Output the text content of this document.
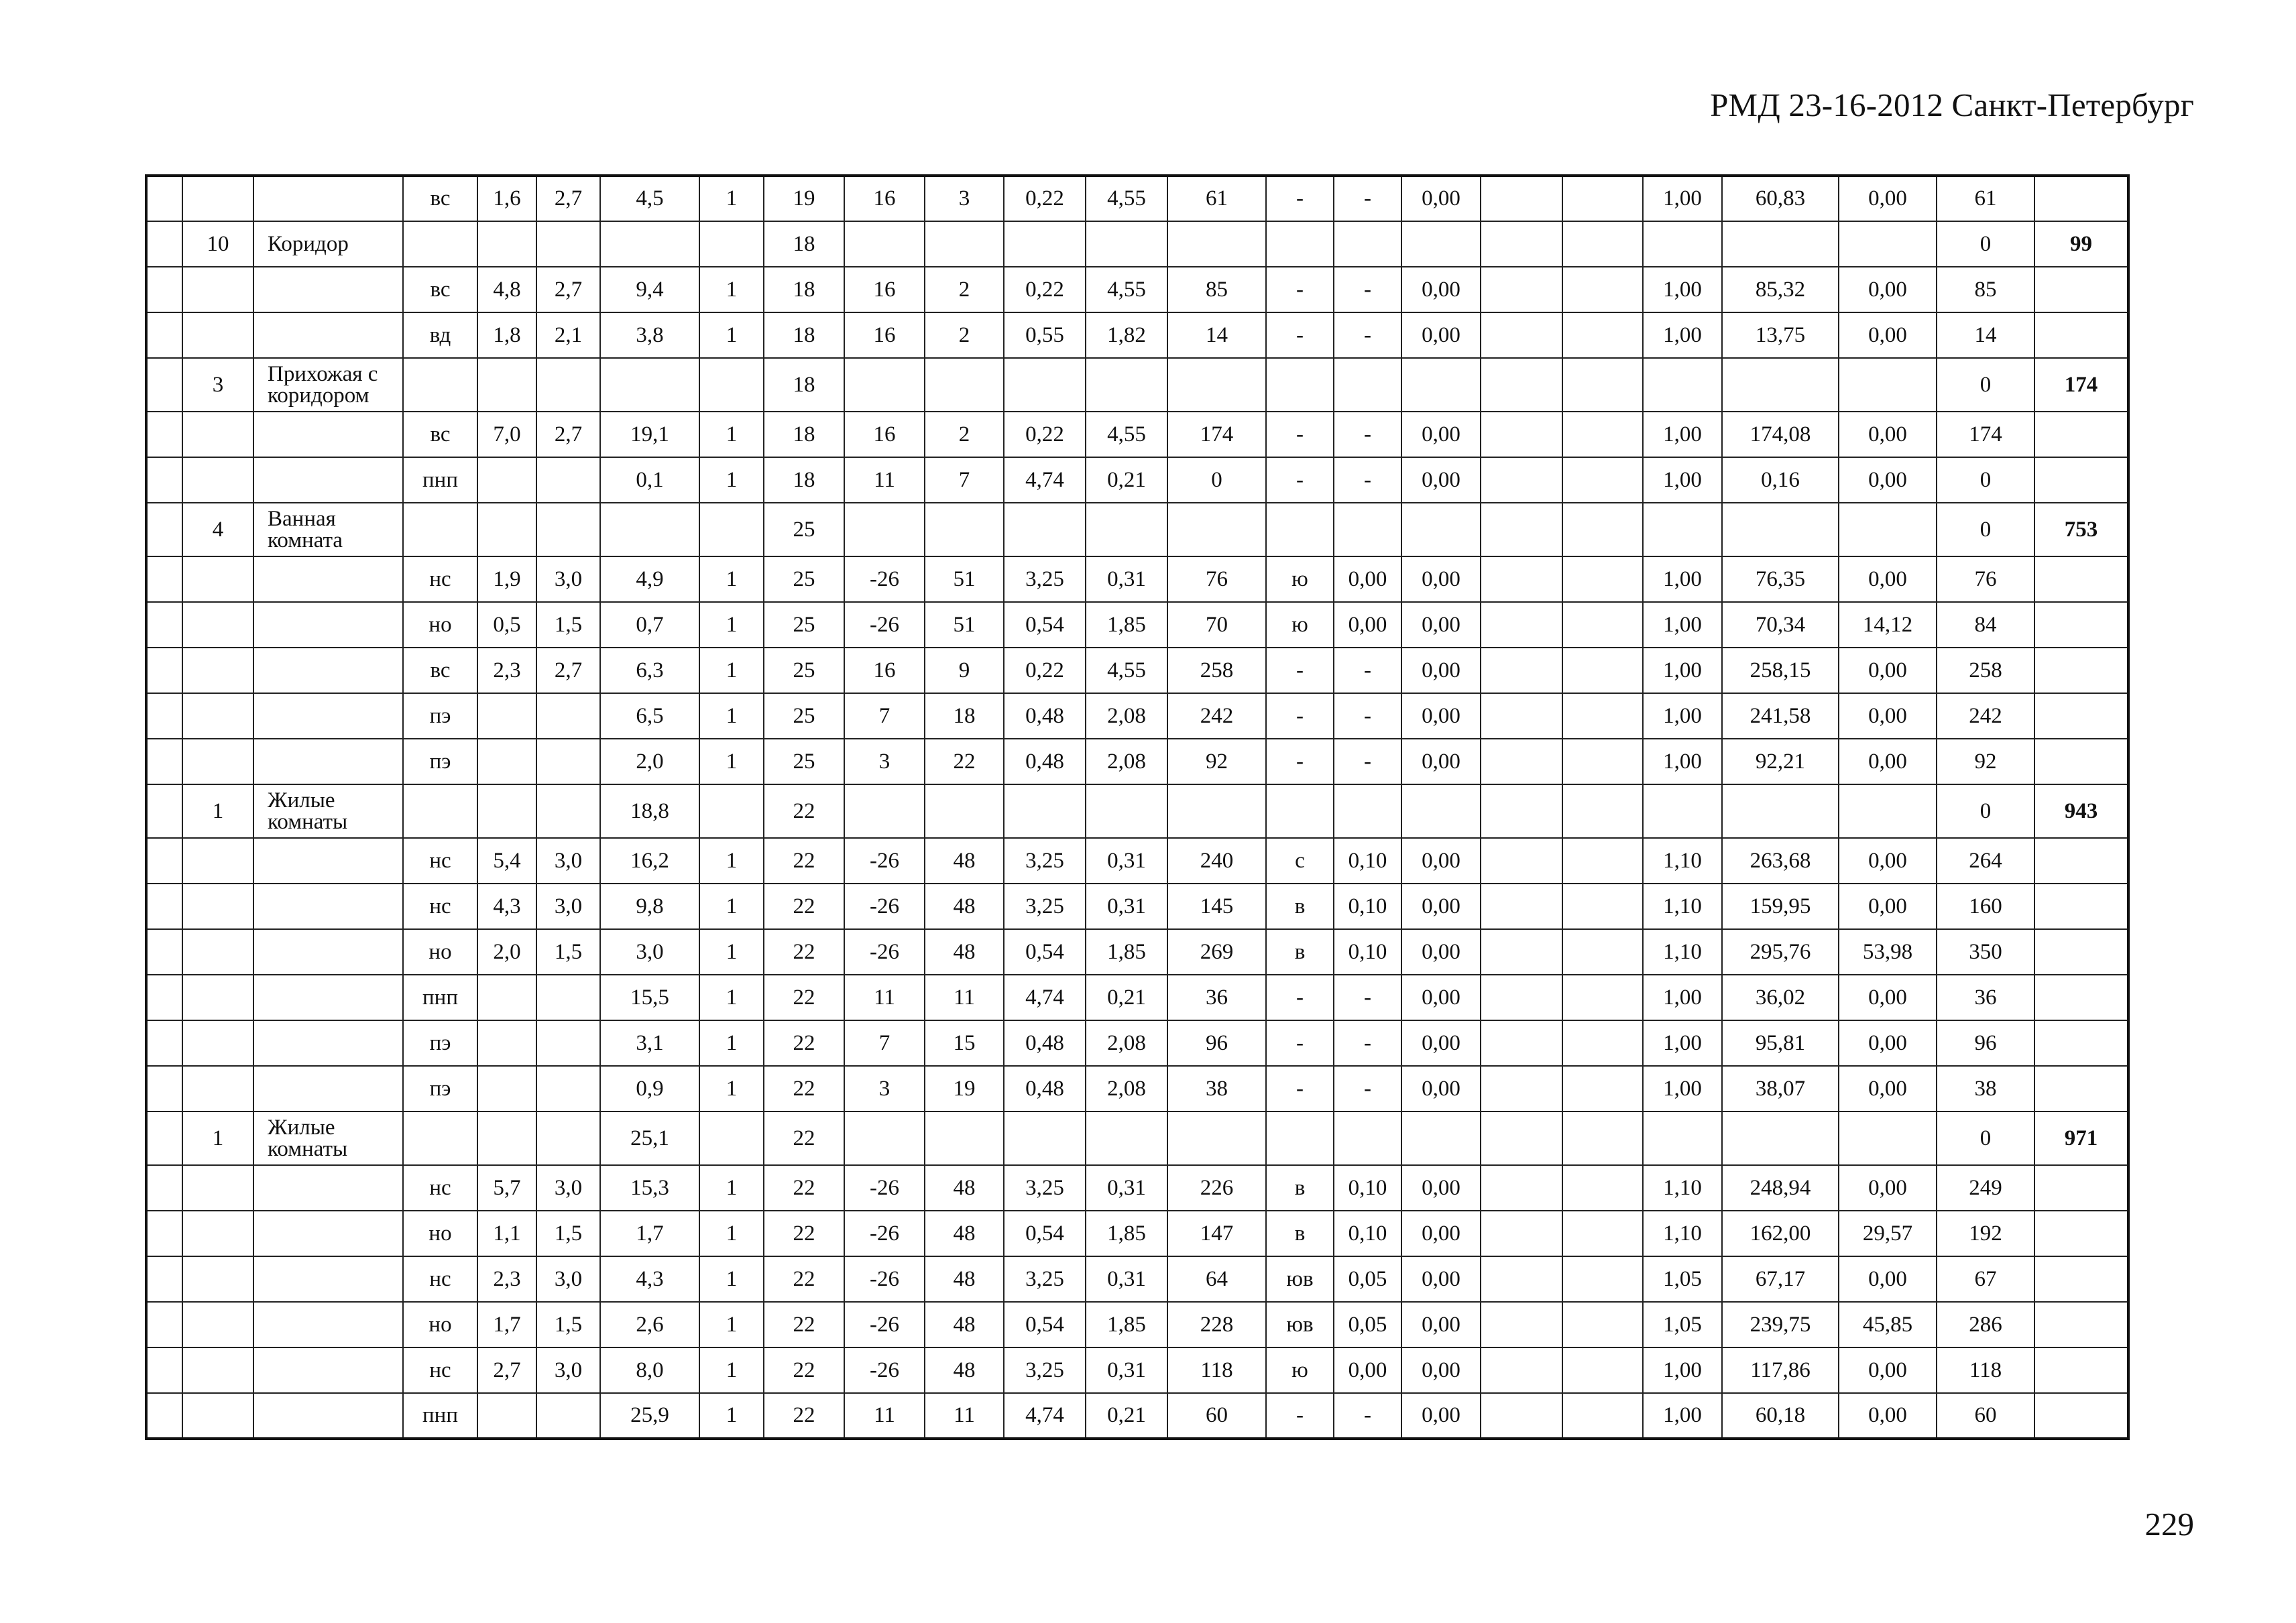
РМД 23-16-2012 Санкт-Петербург
			вс	1,6	2,7	4,5	1	19	16	3	0,22	4,55	61	-	-	0,00			1,00	60,83	0,00	61	
	10	Коридор						18														0	99
			вс	4,8	2,7	9,4	1	18	16	2	0,22	4,55	85	-	-	0,00			1,00	85,32	0,00	85	
			вд	1,8	2,1	3,8	1	18	16	2	0,55	1,82	14	-	-	0,00			1,00	13,75	0,00	14	
	3	Прихожая с коридором						18														0	174
			вс	7,0	2,7	19,1	1	18	16	2	0,22	4,55	174	-	-	0,00			1,00	174,08	0,00	174	
			пнп			0,1	1	18	11	7	4,74	0,21	0	-	-	0,00			1,00	0,16	0,00	0	
	4	Ванная комната						25														0	753
			нс	1,9	3,0	4,9	1	25	-26	51	3,25	0,31	76	ю	0,00	0,00			1,00	76,35	0,00	76	
			но	0,5	1,5	0,7	1	25	-26	51	0,54	1,85	70	ю	0,00	0,00			1,00	70,34	14,12	84	
			вс	2,3	2,7	6,3	1	25	16	9	0,22	4,55	258	-	-	0,00			1,00	258,15	0,00	258	
			пэ			6,5	1	25	7	18	0,48	2,08	242	-	-	0,00			1,00	241,58	0,00	242	
			пэ			2,0	1	25	3	22	0,48	2,08	92	-	-	0,00			1,00	92,21	0,00	92	
	1	Жилые комнаты				18,8		22														0	943
			нс	5,4	3,0	16,2	1	22	-26	48	3,25	0,31	240	с	0,10	0,00			1,10	263,68	0,00	264	
			нс	4,3	3,0	9,8	1	22	-26	48	3,25	0,31	145	в	0,10	0,00			1,10	159,95	0,00	160	
			но	2,0	1,5	3,0	1	22	-26	48	0,54	1,85	269	в	0,10	0,00			1,10	295,76	53,98	350	
			пнп			15,5	1	22	11	11	4,74	0,21	36	-	-	0,00			1,00	36,02	0,00	36	
			пэ			3,1	1	22	7	15	0,48	2,08	96	-	-	0,00			1,00	95,81	0,00	96	
			пэ			0,9	1	22	3	19	0,48	2,08	38	-	-	0,00			1,00	38,07	0,00	38	
	1	Жилые комнаты				25,1		22														0	971
			нс	5,7	3,0	15,3	1	22	-26	48	3,25	0,31	226	в	0,10	0,00			1,10	248,94	0,00	249	
			но	1,1	1,5	1,7	1	22	-26	48	0,54	1,85	147	в	0,10	0,00			1,10	162,00	29,57	192	
			нс	2,3	3,0	4,3	1	22	-26	48	3,25	0,31	64	юв	0,05	0,00			1,05	67,17	0,00	67	
			но	1,7	1,5	2,6	1	22	-26	48	0,54	1,85	228	юв	0,05	0,00			1,05	239,75	45,85	286	
			нс	2,7	3,0	8,0	1	22	-26	48	3,25	0,31	118	ю	0,00	0,00			1,00	117,86	0,00	118	
			пнп			25,9	1	22	11	11	4,74	0,21	60	-	-	0,00			1,00	60,18	0,00	60	
229
